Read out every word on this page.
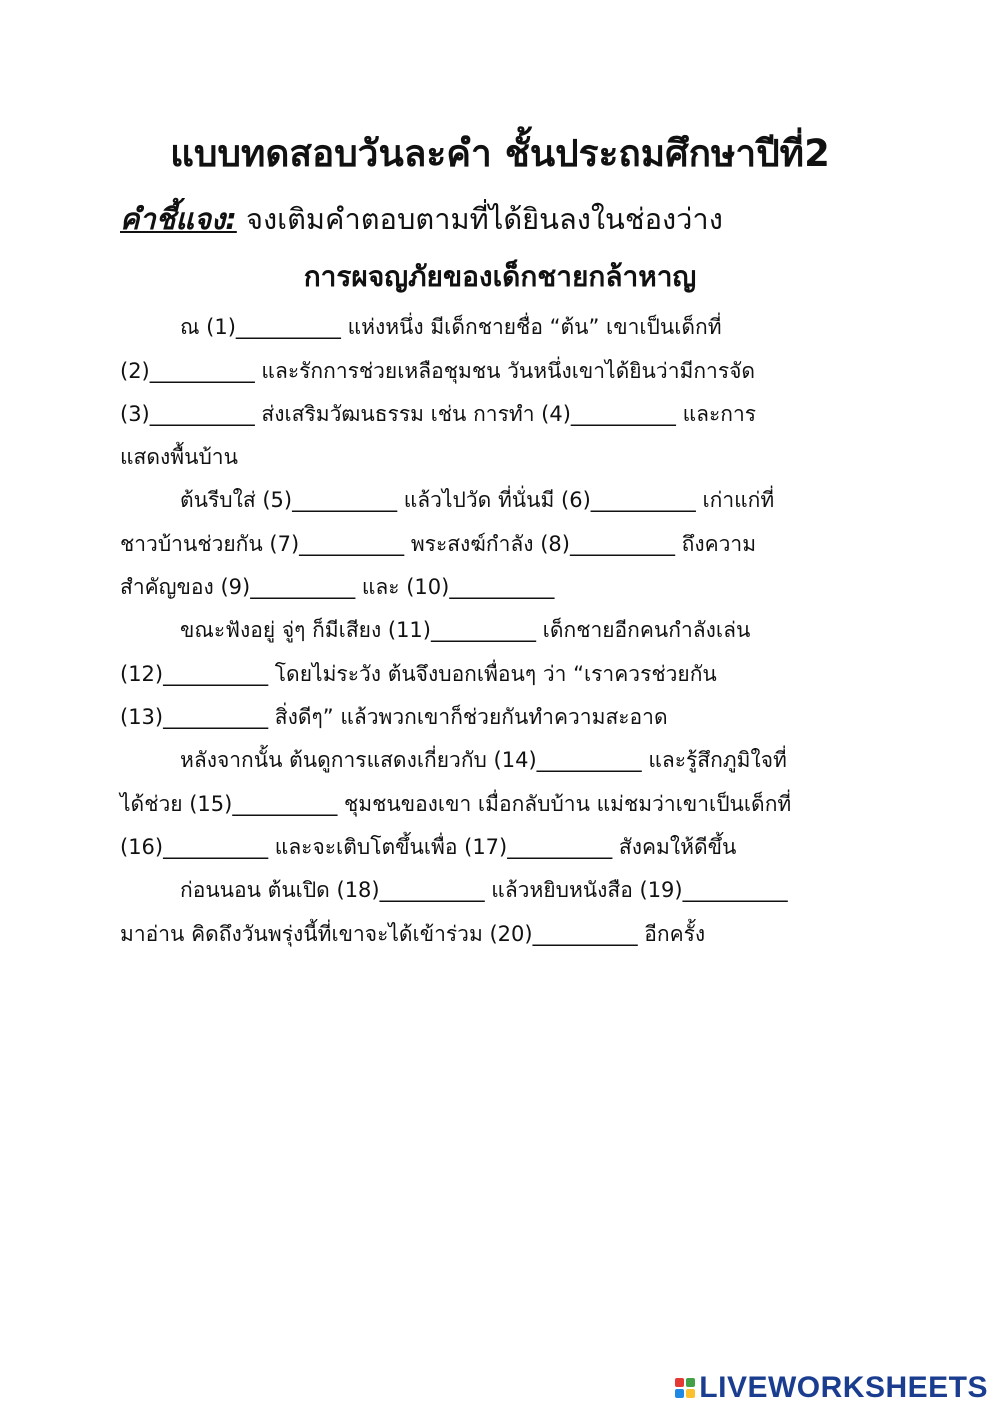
แบบทดสอบวันละคำ ชั้นประถมศึกษาปีที่2
คำชี้แจง: จงเติมคำตอบตามที่ได้ยินลงในช่องว่าง
การผจญภัยของเด็กชายกล้าหาญ
ณ (1)__________ แห่งหนึ่ง มีเด็กชายชื่อ “ต้น” เขาเป็นเด็กที่
(2)__________ และรักการช่วยเหลือชุมชน วันหนึ่งเขาได้ยินว่ามีการจัด
(3)__________ ส่งเสริมวัฒนธรรม เช่น การทำ (4)__________ และการ
แสดงพื้นบ้าน
ต้นรีบใส่ (5)__________ แล้วไปวัด ที่นั่นมี (6)__________ เก่าแก่ที่
ชาวบ้านช่วยกัน (7)__________ พระสงฆ์กำลัง (8)__________ ถึงความ
สำคัญของ (9)__________ และ (10)__________
ขณะฟังอยู่ จู่ๆ ก็มีเสียง (11)__________ เด็กชายอีกคนกำลังเล่น
(12)__________ โดยไม่ระวัง ต้นจึงบอกเพื่อนๆ ว่า “เราควรช่วยกัน
(13)__________ สิ่งดีๆ” แล้วพวกเขาก็ช่วยกันทำความสะอาด
หลังจากนั้น ต้นดูการแสดงเกี่ยวกับ (14)__________ และรู้สึกภูมิใจที่
ได้ช่วย (15)__________ ชุมชนของเขา เมื่อกลับบ้าน แม่ชมว่าเขาเป็นเด็กที่
(16)__________ และจะเติบโตขึ้นเพื่อ (17)__________ สังคมให้ดีขึ้น
ก่อนนอน ต้นเปิด (18)__________ แล้วหยิบหนังสือ (19)__________
มาอ่าน คิดถึงวันพรุ่งนี้ที่เขาจะได้เข้าร่วม (20)__________ อีกครั้ง
LIVEWORKSHEETS
